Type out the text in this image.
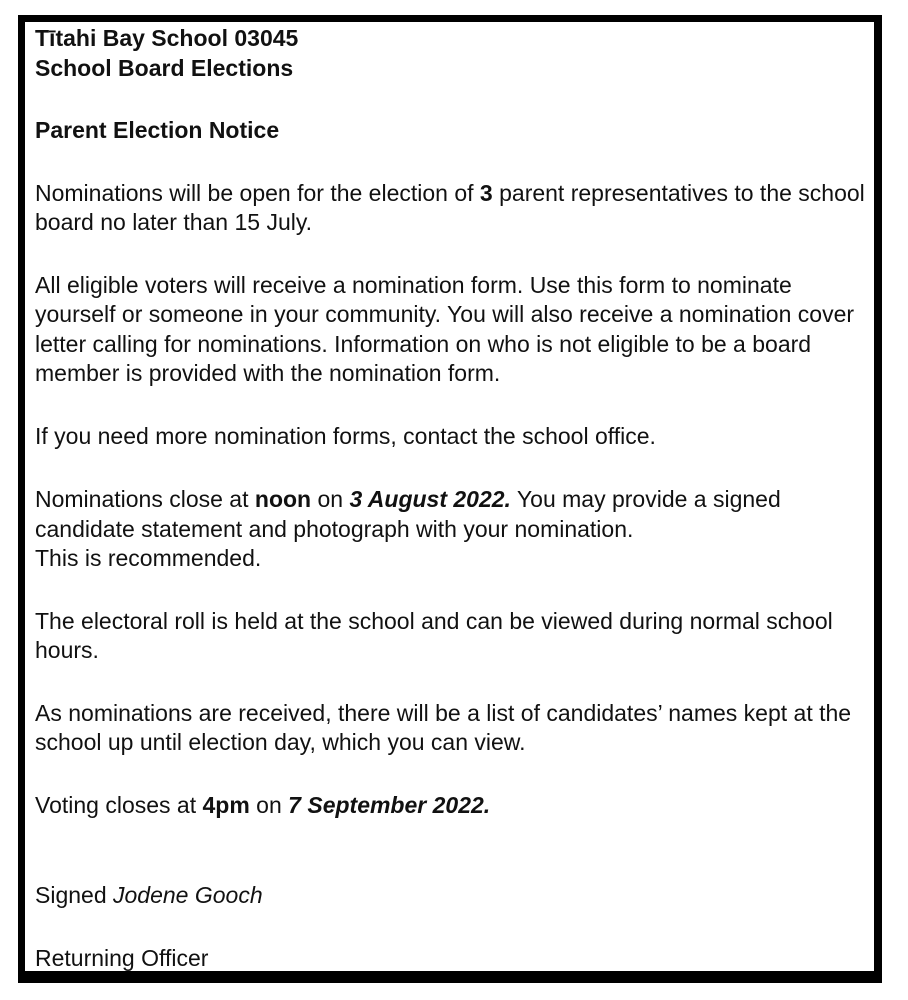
Tītahi Bay School 03045

School Board Elections

Parent Election Notice

Nominations will be open for the election of 3 parent representatives to the school board no later than 15 July.

All eligible voters will receive a nomination form. Use this form to nominate yourself or someone in your community. You will also receive a nomination cover letter calling for nominations. Information on who is not eligible to be a board member is provided with the nomination form.

If you need more nomination forms, contact the school office.

Nominations close at noon on 3 August 2022. You may provide a signed candidate statement and photograph with your nomination.
This is recommended.

The electoral roll is held at the school and can be viewed during normal school hours.

As nominations are received, there will be a list of candidates’ names kept at the school up until election day, which you can view.

Voting closes at 4pm on 7 September 2022.

Signed Jodene Gooch

Returning Officer
